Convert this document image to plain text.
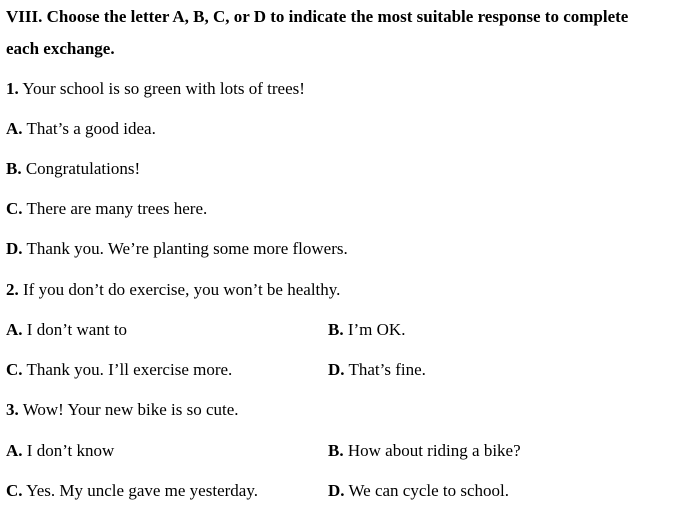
VIII. Choose the letter A, B, C, or D to indicate the most suitable response to complete
each exchange.
1. Your school is so green with lots of trees!
A. That’s a good idea.
B. Congratulations!
C. There are many trees here.
D. Thank you. We’re planting some more flowers.
2. If you don’t do exercise, you won’t be healthy.
A. I don’t want to	B. I’m OK.
C. Thank you. I’ll exercise more.	D. That’s fine.
3. Wow! Your new bike is so cute.
A. I don’t know	B. How about riding a bike?
C. Yes. My uncle gave me yesterday.	D. We can cycle to school.
